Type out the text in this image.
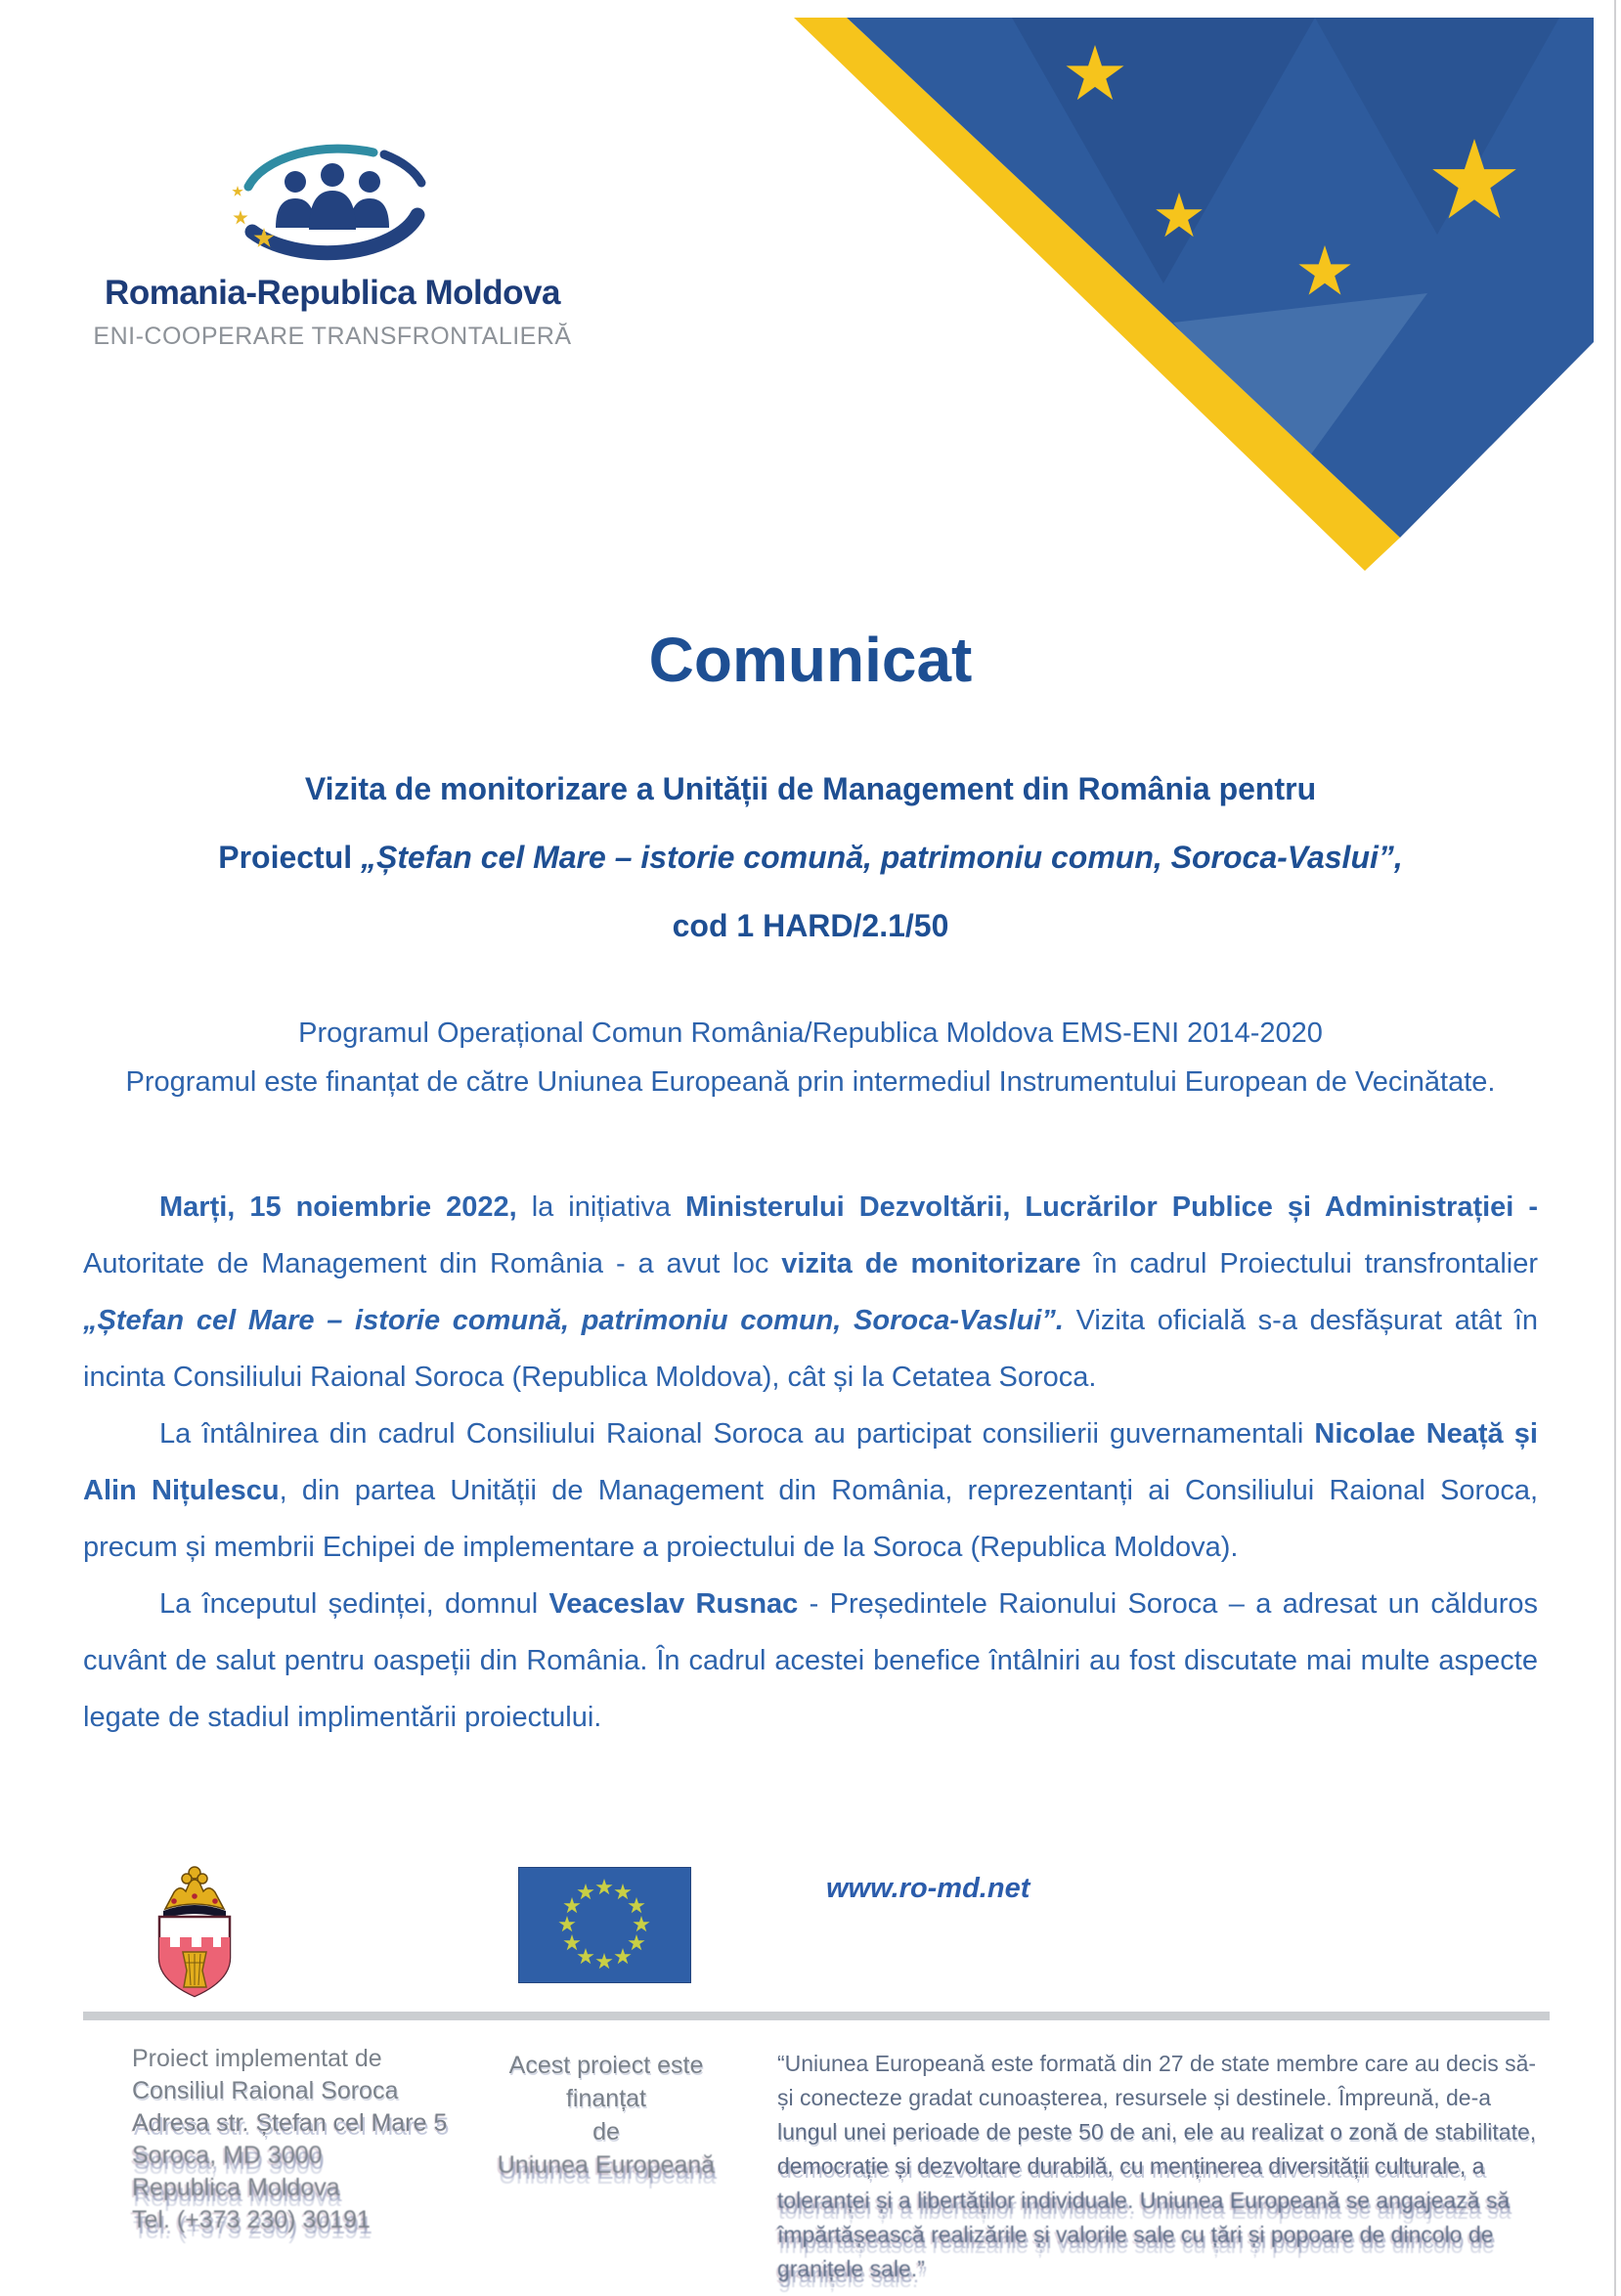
Romania-Republica Moldova
ENI-COOPERARE TRANSFRONTALIERĂ
Comunicat
Vizita de monitorizare a Unității de Management din România pentru
Proiectul „Ștefan cel Mare – istorie comună, patrimoniu comun, Soroca-Vaslui”,
cod 1 HARD/2.1/50
Programul Operațional Comun România/Republica Moldova EMS-ENI 2014-2020
Programul este finanțat de către Uniunea Europeană prin intermediul Instrumentului European de Vecinătate.

Marți, 15 noiembrie 2022, la inițiativa Ministerului Dezvoltării, Lucrărilor Publice și Administrației - Autoritate de Management din România - a avut loc vizita de monitorizare în cadrul Proiectului transfrontalier „Ștefan cel Mare – istorie comună, patrimoniu comun, Soroca-Vaslui”. Vizita oficială s-a desfășurat atât în incinta Consiliului Raional Soroca (Republica Moldova), cât și la Cetatea Soroca.

La întâlnirea din cadrul Consiliului Raional Soroca au participat consilierii guvernamentali Nicolae Neață și Alin Nițulescu, din partea Unității de Management din România, reprezentanți ai Consiliului Raional Soroca, precum și membrii Echipei de implementare a proiectului de la Soroca (Republica Moldova).

La începutul ședinței, domnul Veaceslav Rusnac - Președintele Raionului Soroca – a adresat un călduros cuvânt de salut pentru oaspeții din România. În cadrul acestei benefice întâlniri au fost discutate mai multe aspecte legate de stadiul implimentării proiectului.

www.ro-md.net
Proiect implementat de
Consiliul Raional Soroca
Adresa str. Ștefan cel Mare 5
Soroca, MD 3000
Republica Moldova
Tel. (+373 230) 30191
Acest proiect este finanțat
de
Uniunea Europeană
“Uniunea Europeană este formată din 27 de state membre care au decis să-
și conecteze gradat cunoașterea, resursele și destinele. Împreună, de-a
lungul unei perioade de peste 50 de ani, ele au realizat o zonă de stabilitate,
democrație și dezvoltare durabilă, cu menținerea diversității culturale, a
toleranței și a libertăților individuale. Uniunea Europeană se angajează să
împărtășească realizările și valorile sale cu țări și popoare de dincolo de
granițele sale.”
